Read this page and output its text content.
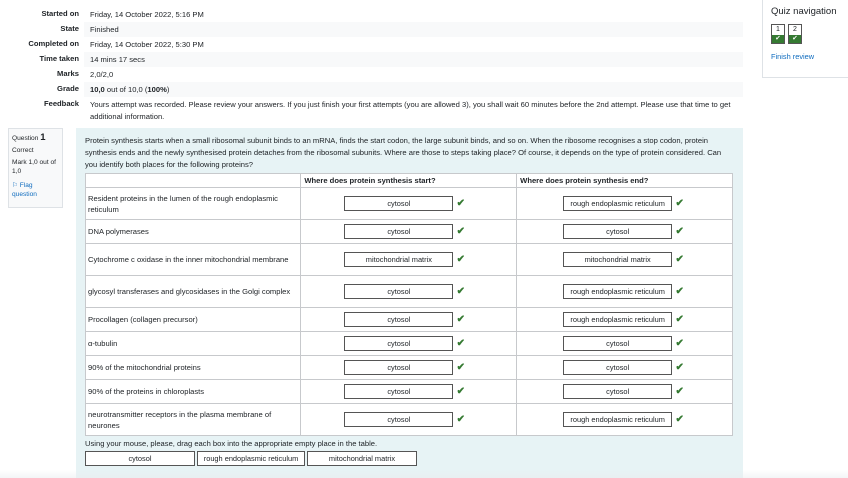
Started on	Friday, 14 October 2022, 5:16 PM
State	Finished
Completed on	Friday, 14 October 2022, 5:30 PM
Time taken	14 mins 17 secs
Marks	2,0/2,0
Grade	10,0 out of 10,0 (100%)
Feedback	Yours attempt was recorded. Please review your answers. If you just finish your first attempts (you are allowed 3), you shall wait 60 minutes before the 2nd attempt. Please use that time to get additional information.
Question 1
Correct
Mark 1,0 out of 1,0
⚐ Flag question
Protein synthesis starts when a small ribosomal subunit binds to an mRNA, finds the start codon, the large subunit binds, and so on. When the ribosome recognises a stop codon, protein synthesis ends and the newly synthesised protein detaches from the ribosomal subunits. Where are those to steps taking place? Of course, it depends on the type of protein considered. Can you identify both places for the following proteins?
	Where does protein synthesis start?	Where does protein synthesis end?
Resident proteins in the lumen of the rough endoplasmic reticulum	cytosol ✔	rough endoplasmic reticulum ✔

DNA polymerases	cytosol ✔	cytosol ✔

Cytochrome c oxidase in the inner mitochondrial membrane	mitochondrial matrix ✔	mitochondrial matrix ✔

glycosyl transferases and glycosidases in the Golgi complex	cytosol ✔	rough endoplasmic reticulum ✔

Procollagen (collagen precursor)	cytosol ✔	rough endoplasmic reticulum ✔

α-tubulin	cytosol ✔	cytosol ✔

90% of the mitochondrial proteins	cytosol ✔	cytosol ✔

90% of the proteins in chloroplasts	cytosol ✔	cytosol ✔

neurotransmitter receptors in the plasma membrane of neurones	cytosol ✔	rough endoplasmic reticulum ✔
Using your mouse, please, drag each box into the appropriate empty place in the table.
cytosol	rough endoplasmic reticulum	mitochondrial matrix
Quiz navigation
1
✔
2
✔
Finish review
